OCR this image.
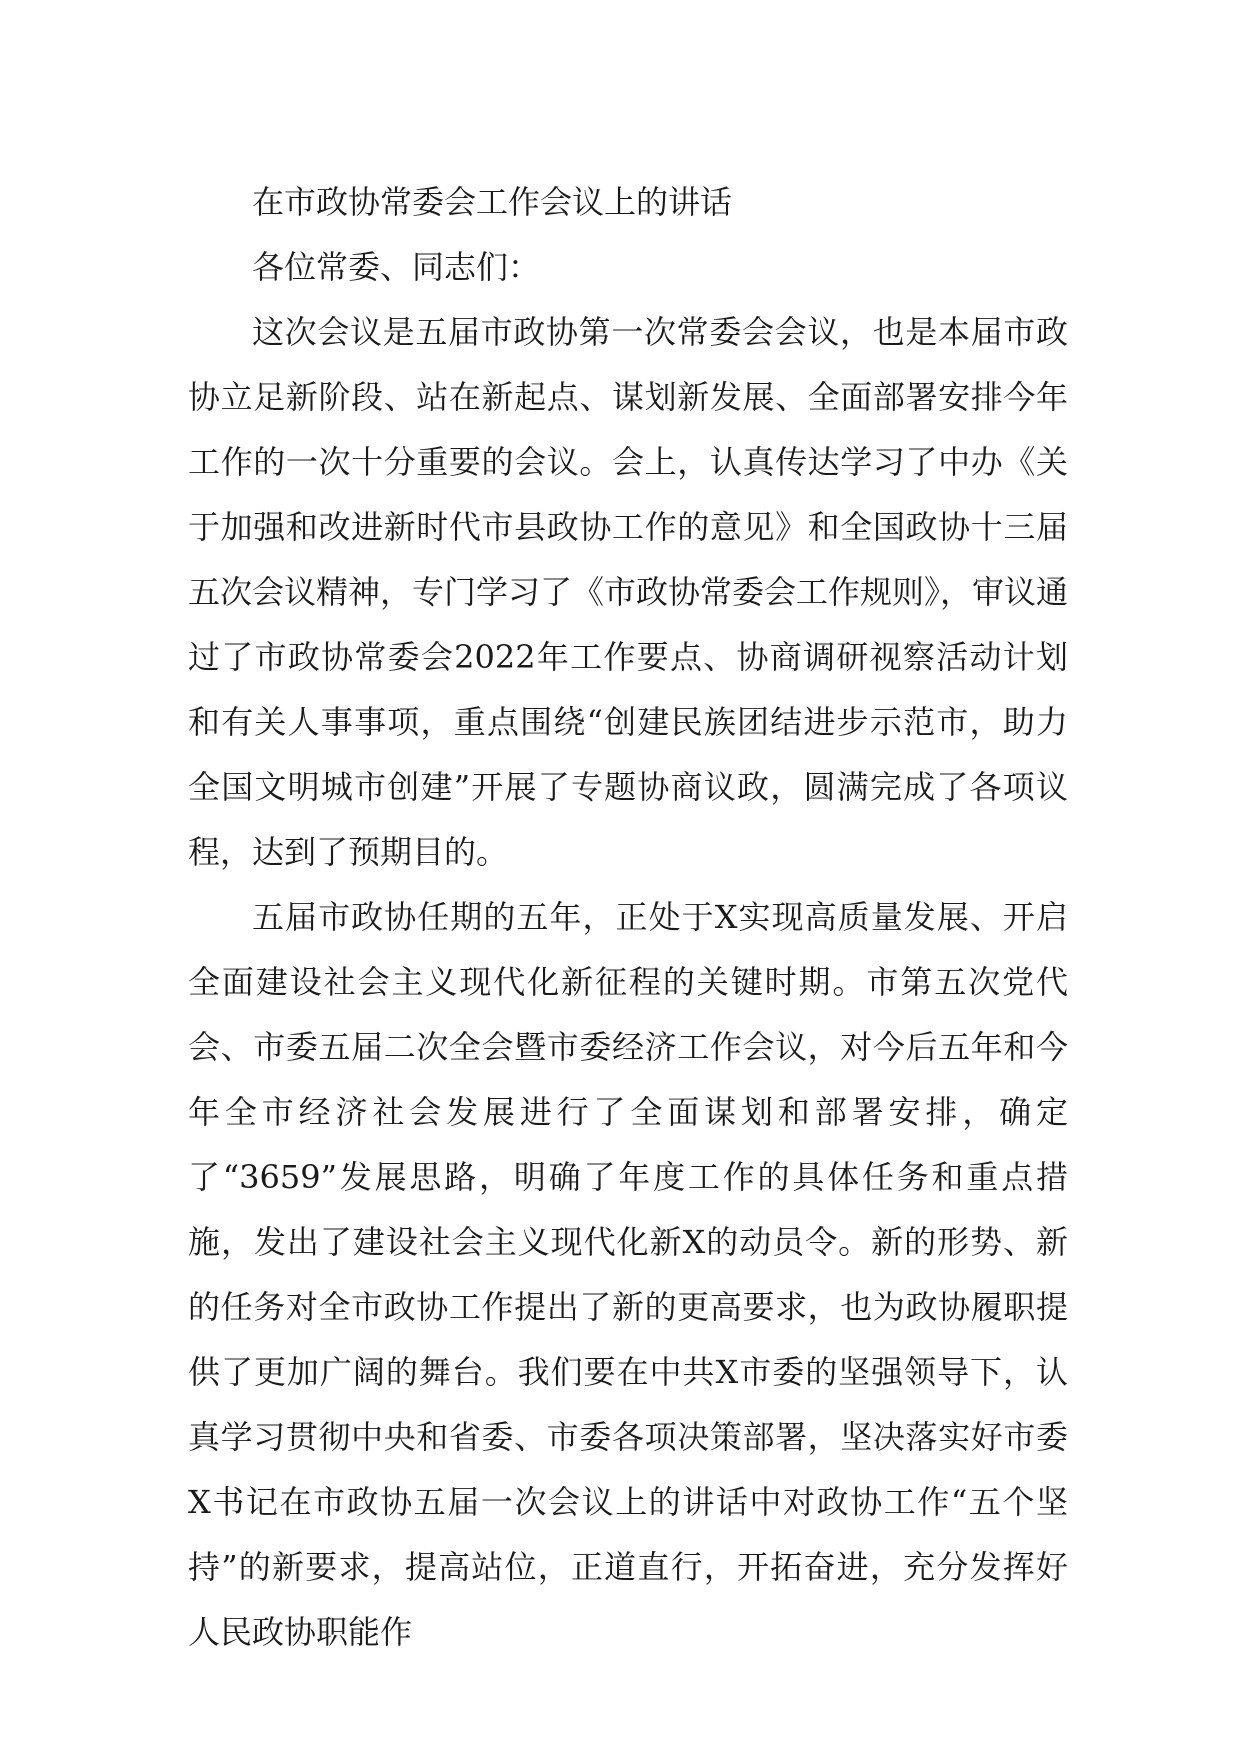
在市政协常委会工作会议上的讲话

各位常委、同志们：

这次会议是五届市政协第一次常委会会议，也是本届市政协立足新阶段、站在新起点、谋划新发展、全面部署安排今年工作的一次十分重要的会议。会上，认真传达学习了中办《关于加强和改进新时代市县政协工作的意见》和全国政协十三届五次会议精神，专门学习了《市政协常委会工作规则》，审议通过了市政协常委会2022年工作要点、协商调研视察活动计划和有关人事事项，重点围绕“创建民族团结进步示范市，助力全国文明城市创建”开展了专题协商议政，圆满完成了各项议程，达到了预期目的。

五届市政协任期的五年，正处于X实现高质量发展、开启全面建设社会主义现代化新征程的关键时期。市第五次党代会、市委五届二次全会暨市委经济工作会议，对今后五年和今年全市经济社会发展进行了全面谋划和部署安排，确定了“3659”发展思路，明确了年度工作的具体任务和重点措施，发出了建设社会主义现代化新X的动员令。新的形势、新的任务对全市政协工作提出了新的更高要求，也为政协履职提供了更加广阔的舞台。我们要在中共X市委的坚强领导下，认真学习贯彻中央和省委、市委各项决策部署，坚决落实好市委X书记在市政协五届一次会议上的讲话中对政协工作“五个坚持”的新要求，提高站位，正道直行，开拓奋进，充分发挥好人民政协职能作
